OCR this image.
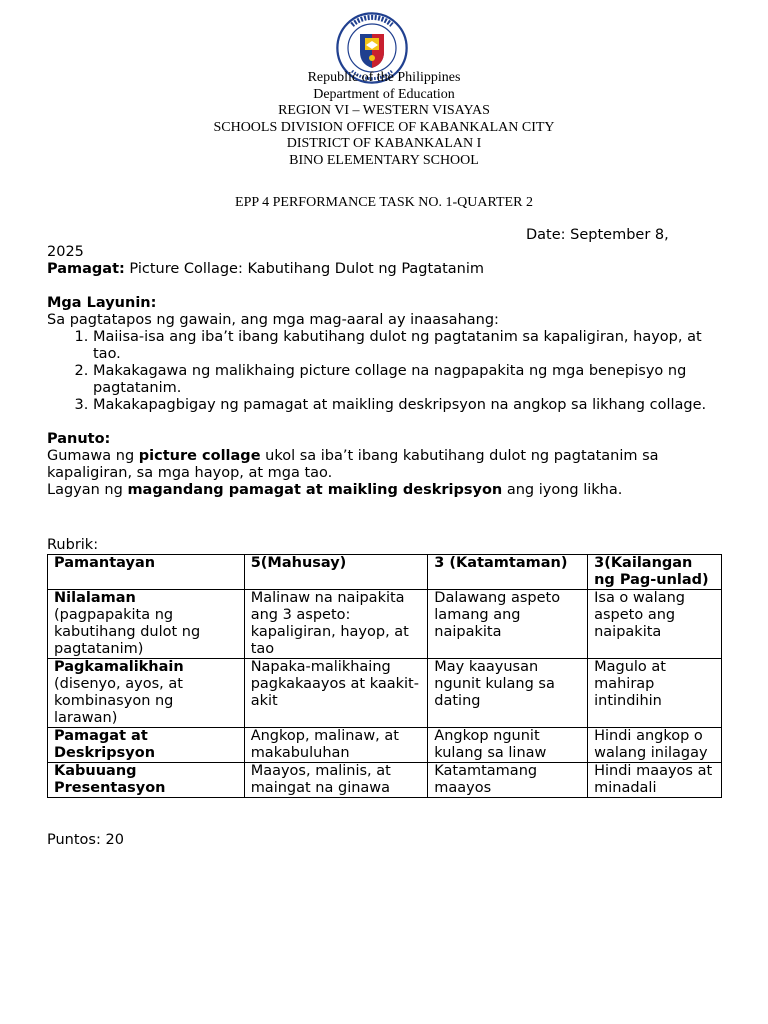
Republic of the Philippines
Department of Education
REGION VI – WESTERN VISAYAS
SCHOOLS DIVISION OFFICE OF KABANKALAN CITY
DISTRICT OF KABANKALAN I
BINO ELEMENTARY SCHOOL
EPP 4 PERFORMANCE TASK NO. 1-QUARTER 2
Date: September 8,
2025
Pamagat: Picture Collage: Kabutihang Dulot ng Pagtatanim
Mga Layunin:
Sa pagtatapos ng gawain, ang mga mag-aaral ay inaasahang:
1. Maiisa-isa ang iba’t ibang kabutihang dulot ng pagtatanim sa kapaligiran, hayop, at tao.
2. Makakagawa ng malikhaing picture collage na nagpapakita ng mga benepisyo ng pagtatanim.
3. Makakapagbigay ng pamagat at maikling deskripsyon na angkop sa likhang collage.
Panuto:
Gumawa ng picture collage ukol sa iba’t ibang kabutihang dulot ng pagtatanim sa kapaligiran, sa mga hayop, at mga tao.
Lagyan ng magandang pamagat at maikling deskripsyon ang iyong likha.
Rubrik:
Pamantayan	5(Mahusay)	3 (Katamtaman)	3(Kailangan ng Pag-unlad)
Nilalaman
(pagpapakita ng kabutihang dulot ng pagtatanim)	Malinaw na naipakita ang 3 aspeto: kapaligiran, hayop, at tao	Dalawang aspeto lamang ang naipakita	Isa o walang aspeto ang naipakita
Pagkamalikhain
(disenyo, ayos, at kombinasyon ng larawan)	Napaka-malikhaing pagkakaayos at kaakit-akit	May kaayusan ngunit kulang sa dating	Magulo at mahirap intindihin
Pamagat at Deskripsyon	Angkop, malinaw, at makabuluhan	Angkop ngunit kulang sa linaw	Hindi angkop o walang inilagay
Kabuuang Presentasyon	Maayos, malinis, at maingat na ginawa	Katamtamang maayos	Hindi maayos at minadali
Puntos: 20
